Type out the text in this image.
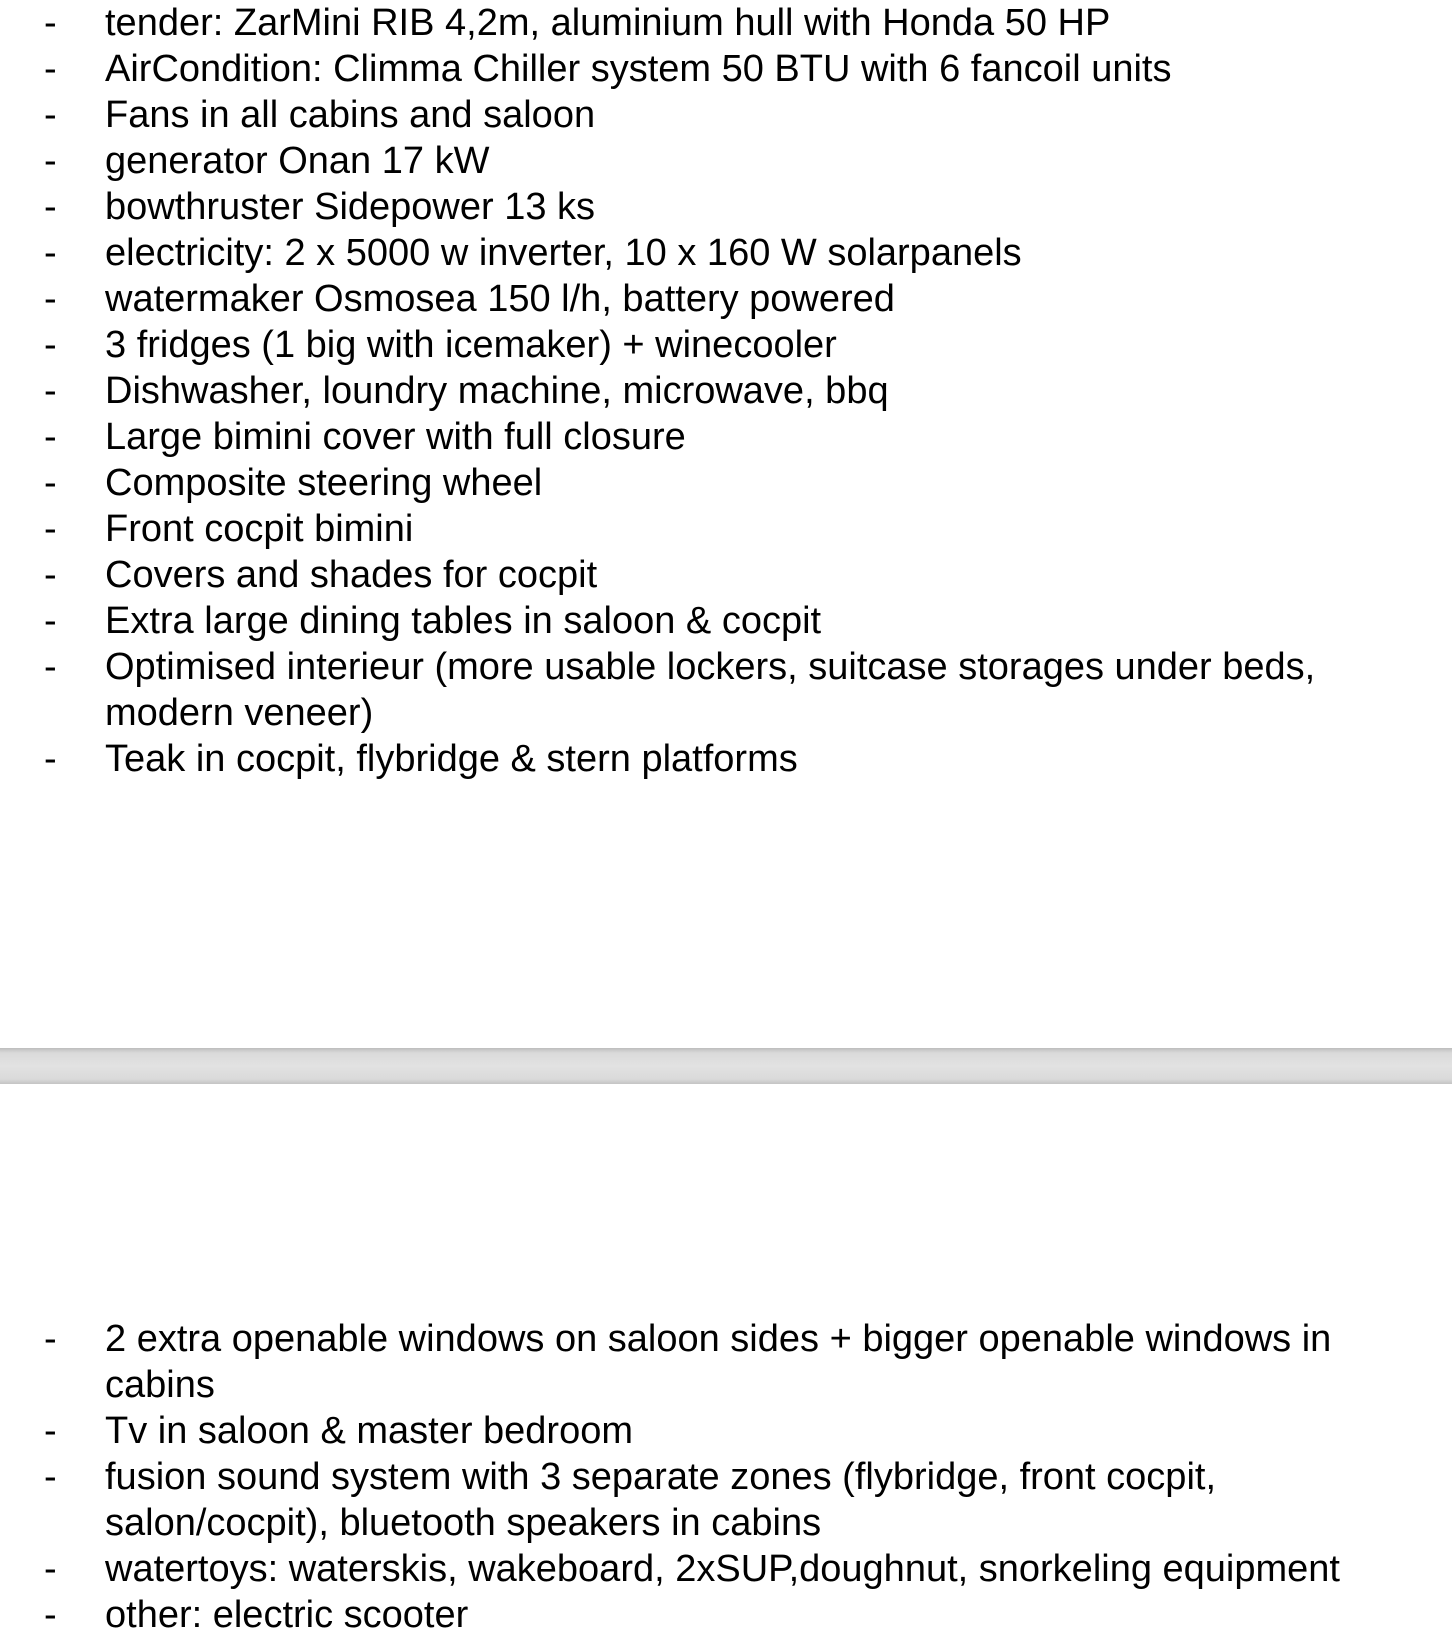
- tender: ZarMini RIB 4,2m, aluminium hull with Honda 50 HP
- AirCondition: Climma Chiller system 50 BTU with 6 fancoil units
- Fans in all cabins and saloon
- generator Onan 17 kW
- bowthruster Sidepower 13 ks
- electricity: 2 x 5000 w inverter, 10 x 160 W solarpanels
- watermaker Osmosea 150 l/h, battery powered
- 3 fridges (1 big with icemaker) + winecooler
- Dishwasher, loundry machine, microwave, bbq
- Large bimini cover with full closure
- Composite steering wheel
- Front cocpit bimini
- Covers and shades for cocpit
- Extra large dining tables in saloon & cocpit
- Optimised interieur (more usable lockers, suitcase storages under beds, modern veneer)
- Teak in cocpit, flybridge & stern platforms
- 2 extra openable windows on saloon sides + bigger openable windows in cabins
- Tv in saloon & master bedroom
- fusion sound system with 3 separate zones (flybridge, front cocpit, salon/cocpit), bluetooth speakers in cabins
- watertoys: waterskis, wakeboard, 2xSUP,doughnut, snorkeling equipment
- other: electric scooter
